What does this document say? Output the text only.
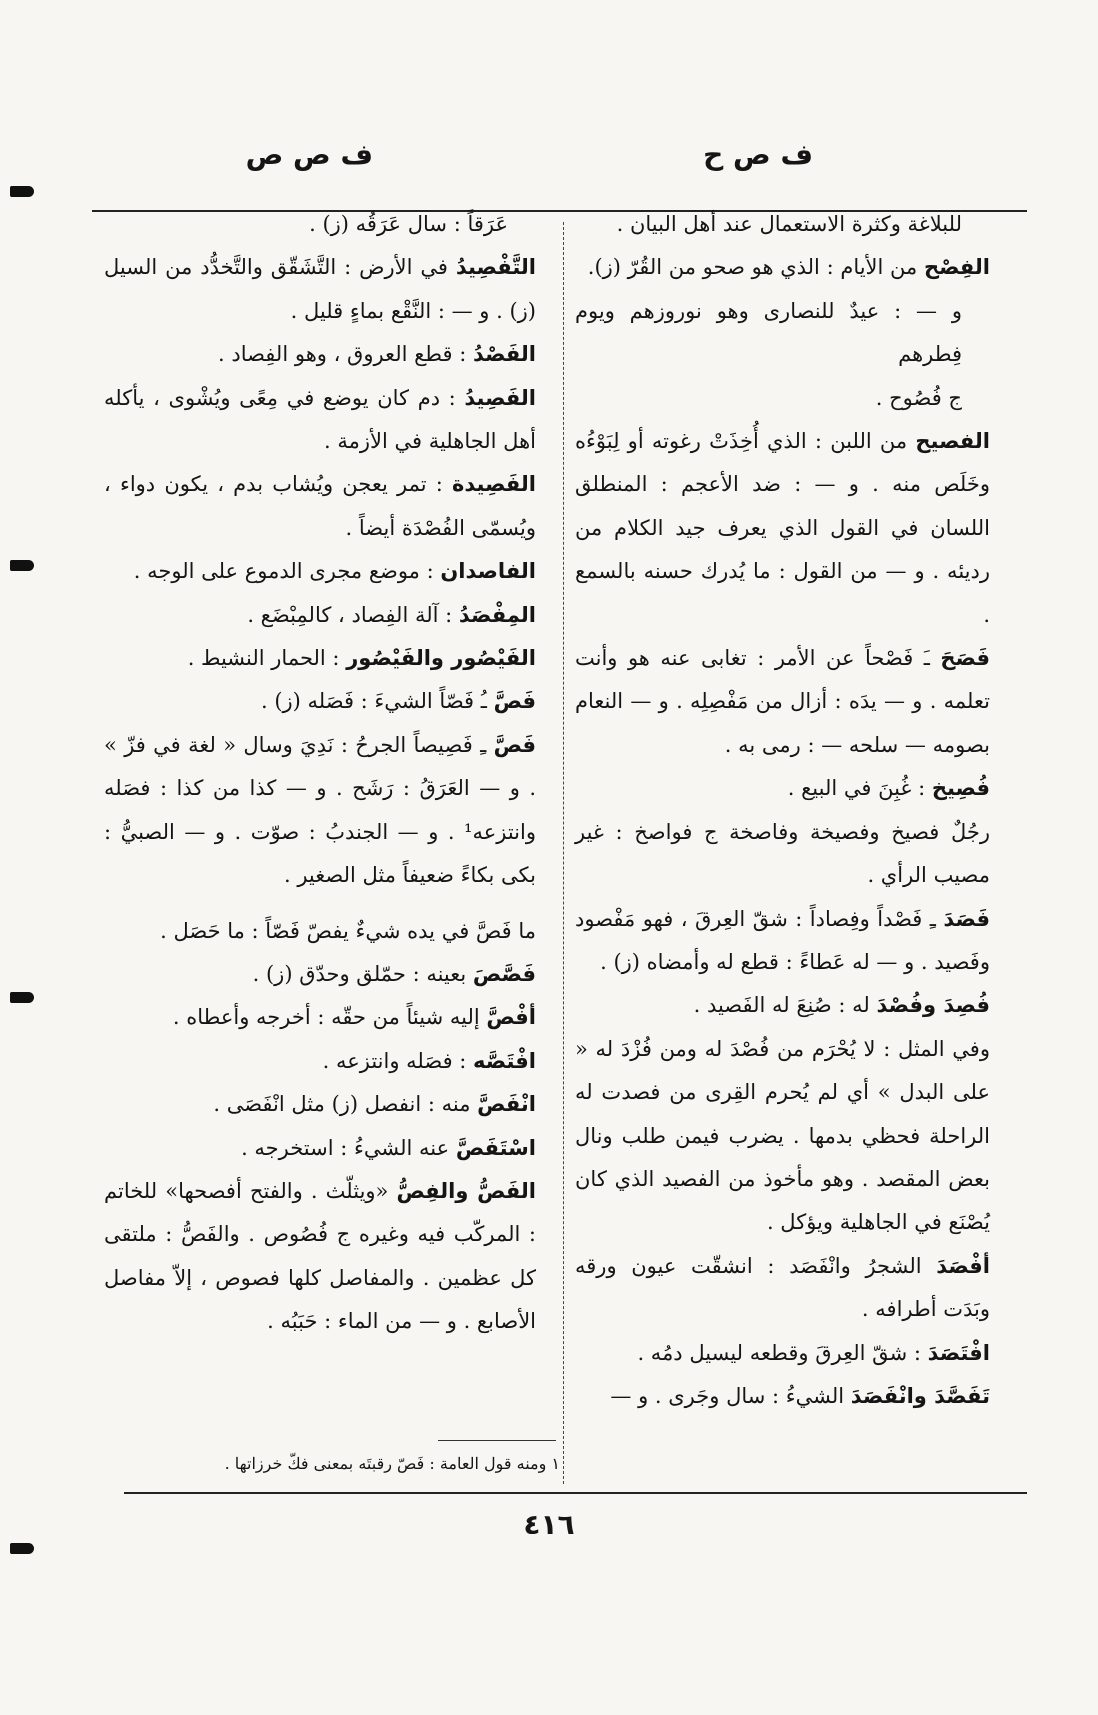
ف ص ح
ف ص ص

للبلاغة وكثرة الاستعمال عند أهل البيان .

الفِصْح من الأيام : الذي هو صحو من القُرّ (ز).

و — : عيدٌ للنصارى وهو نوروزهم ويوم فِطرهم

ج فُصُوح .

الفصيح من اللبن : الذي أُخِذَتْ رغوته أو لِبَوْءُه وخَلَص منه . و — : ضد الأعجم : المنطلق اللسان في القول الذي يعرف جيد الكلام من رديئه . و — من القول : ما يُدرك حسنه بالسمع .

فَصَحَ ـَ فَصْحاً عن الأمر : تغابى عنه هو وأنت تعلمه . و — يدَه : أزال من مَفْصِلِه . و — النعام بصومه — سلحه — : رمى به .

فُصِيخ : غُبِنَ في البيع .

رجُلٌ فصيخ وفصيخة وفاصخة ج فواصخ : غير مصيب الرأي .

فَصَدَ ـِ فَصْداً وفِصاداً : شقّ العِرقَ ، فهو مَفْصود وفَصيد . و — له عَطاءً : قطع له وأمضاه (ز) .

فُصِدَ وفُصْدَ له : صُنِعَ له الفَصيد .

وفي المثل : لا يُحْرَم من فُصْدَ له ومن فُزْدَ له « على البدل » أي لم يُحرم القِرى من فصدت له الراحلة فحظي بدمها . يضرب فيمن طلب ونال بعض المقصد . وهو مأخوذ من الفصيد الذي كان يُصْنَع في الجاهلية ويؤكل .

أفْصَدَ الشجرُ وانْفَصَد : انشقّت عيون ورقه وبَدَت أطرافه .

افْتَصَدَ : شقّ العِرقَ وقطعه ليسيل دمُه .

تَفَصَّدَ وانْفَصَدَ الشيءُ : سال وجَرى . و —

عَرَقاً : سال عَرَقُه (ز) .

التَّفْصِيدُ في الأرض : التَّشَقّق والتَّخدُّد من السيل (ز) . و — : النَّقْع بماءٍ قليل .

الفَصْدُ : قطع العروق ، وهو الفِصاد .

الفَصِيدُ : دم كان يوضع في مِعًى ويُشْوى ، يأكله أهل الجاهلية في الأزمة .

الفَصِيدة : تمر يعجن ويُشاب بدم ، يكون دواء ، ويُسمّى الفُصْدَة أيضاً .

الفاصدان : موضع مجرى الدموع على الوجه .

المِفْصَدُ : آلة الفِصاد ، كالمِبْضَع .

الفَيْصُور والفَيْصُور : الحمار النشيط .

فَصَّ ـُ فَصّاً الشيءَ : فَصَله (ز) .

فَصَّ ـِ فَصِيصاً الجرحُ : نَدِيَ وسال « لغة في فزّ » . و — العَرَقُ : رَشَح . و — كذا من كذا : فصَله وانتزعه¹ . و — الجندبُ : صوّت . و — الصبيُّ : بكى بكاءً ضعيفاً مثل الصغير .

ما فَصَّ في يده شيءٌ يفصّ فَصّاً : ما حَصَل .

فَصَّصَ بعينه : حمّلق وحدّق (ز) .

أفْصَّ إليه شيئاً من حقّه : أخرجه وأعطاه .

افْتَصَّه : فصَله وانتزعه .

انْفَصَّ منه : انفصل (ز) مثل انْفَصَى .

اسْتَفَصَّ عنه الشيءُ : استخرجه .

الفَصُّ والفِصُّ «ويثلّث . والفتح أفصحها» للخاتم : المركّب فيه وغيره ج فُصُوص . والفَصُّ : ملتقى كل عظمين . والمفاصل كلها فصوص ، إلاّ مفاصل الأصابع . و — من الماء : حَبَبُه .

١ ومنه قول العامة : فَصّ رقبتَه بمعنى فكّ خرزاتها .
٤١٦
